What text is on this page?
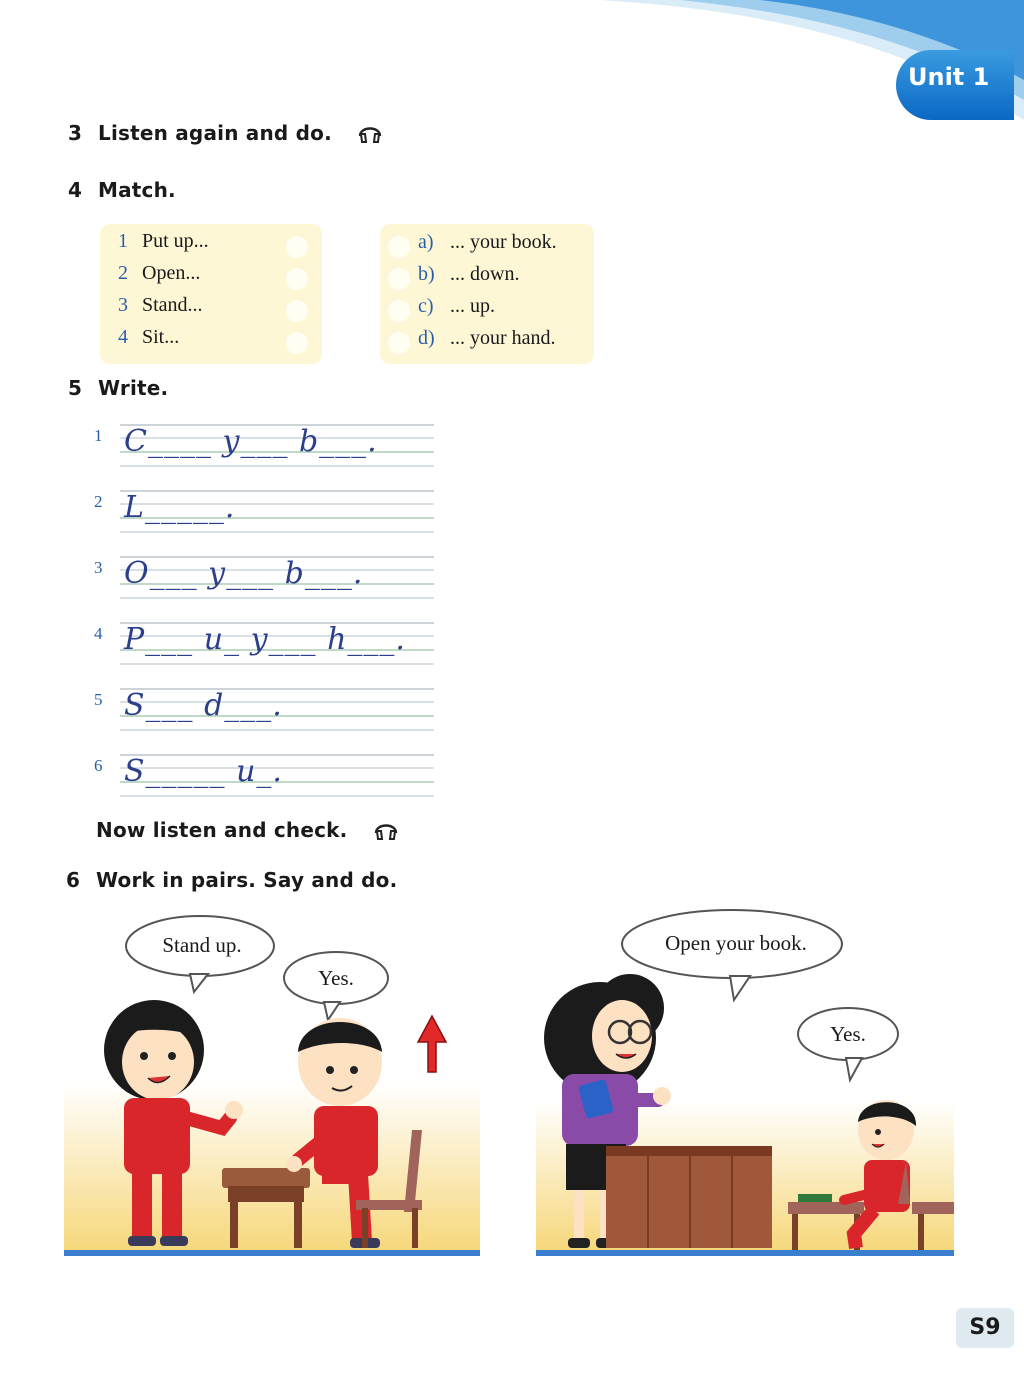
Unit 1
3 Listen again and do.
4 Match.
1 Put up...
2 Open...
3 Stand...
4 Sit...
a) ... your book.
b) ... down.
c) ... up.
d) ... your hand.
5 Write.
1 C____ y___ b___.
2 L_____.
3 O___ y___ b___.
4 P___ u_ y___ h___.
5 S___ d___.
6 S_____ u_.
Now listen and check.
6 Work in pairs. Say and do.
Stand up.
Yes.
Open your book.
Yes.
S9
